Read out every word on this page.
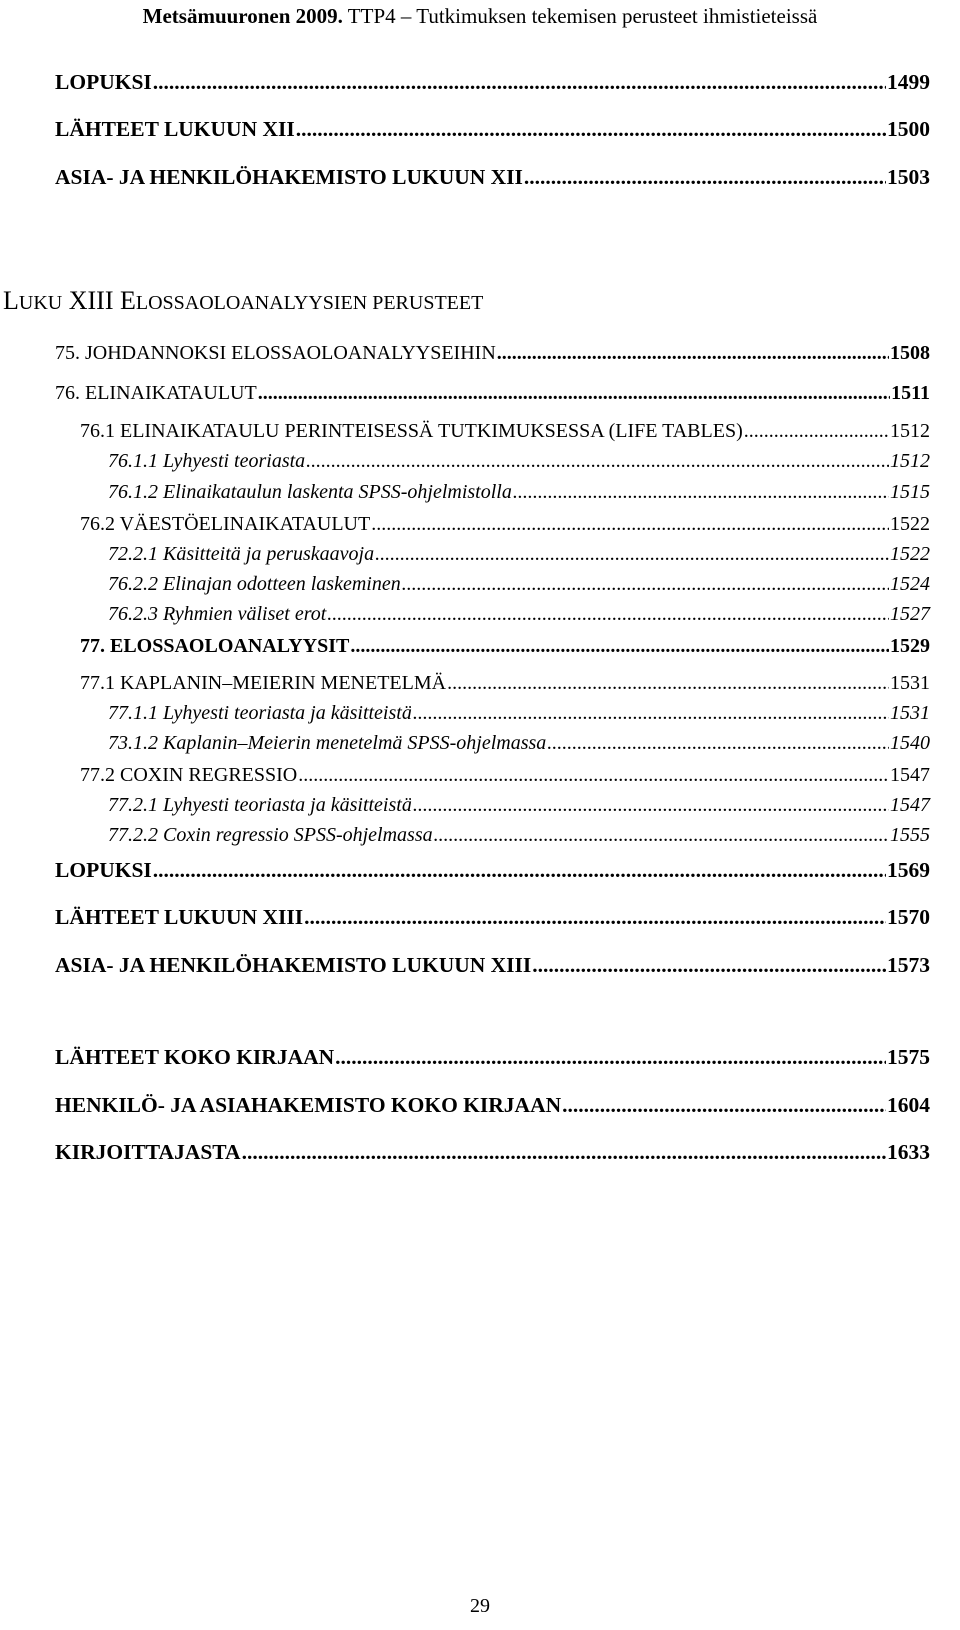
Metsämuuronen 2009. TTP4 – Tutkimuksen tekemisen perusteet ihmistieteissä
LOPUKSI .....	1499
LÄHTEET LUKUUN XII .....	1500
ASIA- JA HENKILÖHAKEMISTO LUKUUN XII .....	1503
LUKU XIII ELOSSAOLOANALYYSIEN PERUSTEET
75. JOHDANNOKSI ELOSSAOLOANALYYSEIHIN .....	1508
76. ELINAIKATAULUT .....	1511
76.1 ELINAIKATAULU PERINTEISESSÄ TUTKIMUKSESSA (LIFE TABLES) .....	1512
76.1.1 Lyhyesti teoriasta .....	1512
76.1.2 Elinaikataulun laskenta SPSS-ohjelmistolla .....	1515
76.2 VÄESTÖELINAIKATAULUT .....	1522
72.2.1 Käsitteitä ja peruskaavoja .....	1522
76.2.2 Elinajan odotteen laskeminen .....	1524
76.2.3 Ryhmien väliset erot .....	1527
77. ELOSSAOLOANALYYSIT .....	1529
77.1 KAPLANIN–MEIERIN MENETELMÄ .....	1531
77.1.1 Lyhyesti teoriasta ja käsitteistä .....	1531
73.1.2 Kaplanin–Meierin menetelmä SPSS-ohjelmassa .....	1540
77.2 COXIN REGRESSIO .....	1547
77.2.1 Lyhyesti teoriasta ja käsitteistä .....	1547
77.2.2 Coxin regressio SPSS-ohjelmassa .....	1555
LOPUKSI .....	1569
LÄHTEET LUKUUN XIII .....	1570
ASIA- JA HENKILÖHAKEMISTO LUKUUN XIII .....	1573
LÄHTEET KOKO KIRJAAN .....	1575
HENKILÖ- JA ASIAHAKEMISTO KOKO KIRJAAN .....	1604
KIRJOITTAJASTA .....	1633
29
